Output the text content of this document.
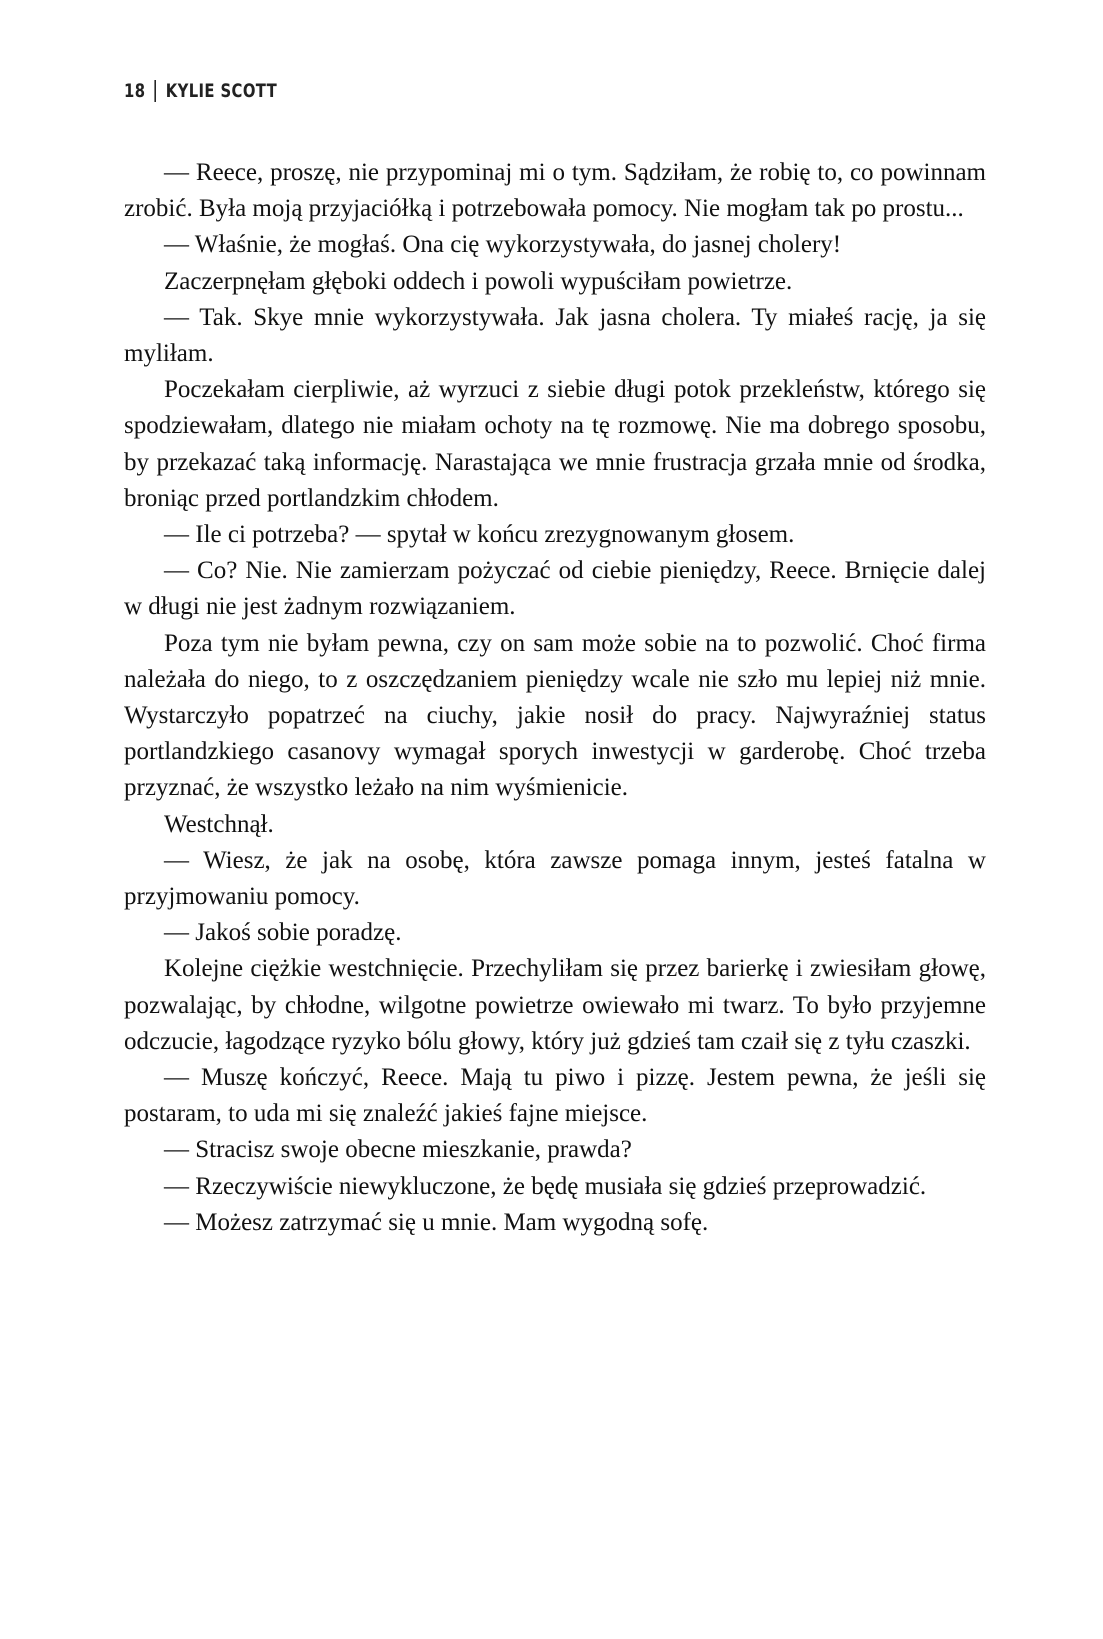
18 KYLIE SCOTT

— Reece, proszę, nie przypominaj mi o tym. Sądziłam, że robię to, co powinnam zrobić. Była moją przyjaciółką i potrzebowała pomocy. Nie mogłam tak po prostu...

— Właśnie, że mogłaś. Ona cię wykorzystywała, do jasnej cholery!

Zaczerpnęłam głęboki oddech i powoli wypuściłam powietrze.

— Tak. Skye mnie wykorzystywała. Jak jasna cholera. Ty miałeś rację, ja się myliłam.

Poczekałam cierpliwie, aż wyrzuci z siebie długi potok przekleństw, którego się spodziewałam, dlatego nie miałam ochoty na tę rozmowę. Nie ma dobrego sposobu, by przekazać taką informację. Narastająca we mnie frustracja grzała mnie od środka, broniąc przed portlandzkim chłodem.

— Ile ci potrzeba? — spytał w końcu zrezygnowanym głosem.

— Co? Nie. Nie zamierzam pożyczać od ciebie pieniędzy, Reece. Brnięcie dalej w długi nie jest żadnym rozwiązaniem.

Poza tym nie byłam pewna, czy on sam może sobie na to pozwolić. Choć firma należała do niego, to z oszczędzaniem pieniędzy wcale nie szło mu lepiej niż mnie. Wystarczyło popatrzeć na ciuchy, jakie nosił do pracy. Najwyraźniej status portlandzkiego casanovy wymagał sporych inwestycji w garderobę. Choć trzeba przyznać, że wszystko leżało na nim wyśmienicie.

Westchnął.

— Wiesz, że jak na osobę, która zawsze pomaga innym, jesteś fatalna w przyjmowaniu pomocy.

— Jakoś sobie poradzę.

Kolejne ciężkie westchnięcie. Przechyliłam się przez barierkę i zwiesiłam głowę, pozwalając, by chłodne, wilgotne powietrze owiewało mi twarz. To było przyjemne odczucie, łagodzące ryzyko bólu głowy, który już gdzieś tam czaił się z tyłu czaszki.

— Muszę kończyć, Reece. Mają tu piwo i pizzę. Jestem pewna, że jeśli się postaram, to uda mi się znaleźć jakieś fajne miejsce.

— Stracisz swoje obecne mieszkanie, prawda?

— Rzeczywiście niewykluczone, że będę musiała się gdzieś przeprowadzić.

— Możesz zatrzymać się u mnie. Mam wygodną sofę.
